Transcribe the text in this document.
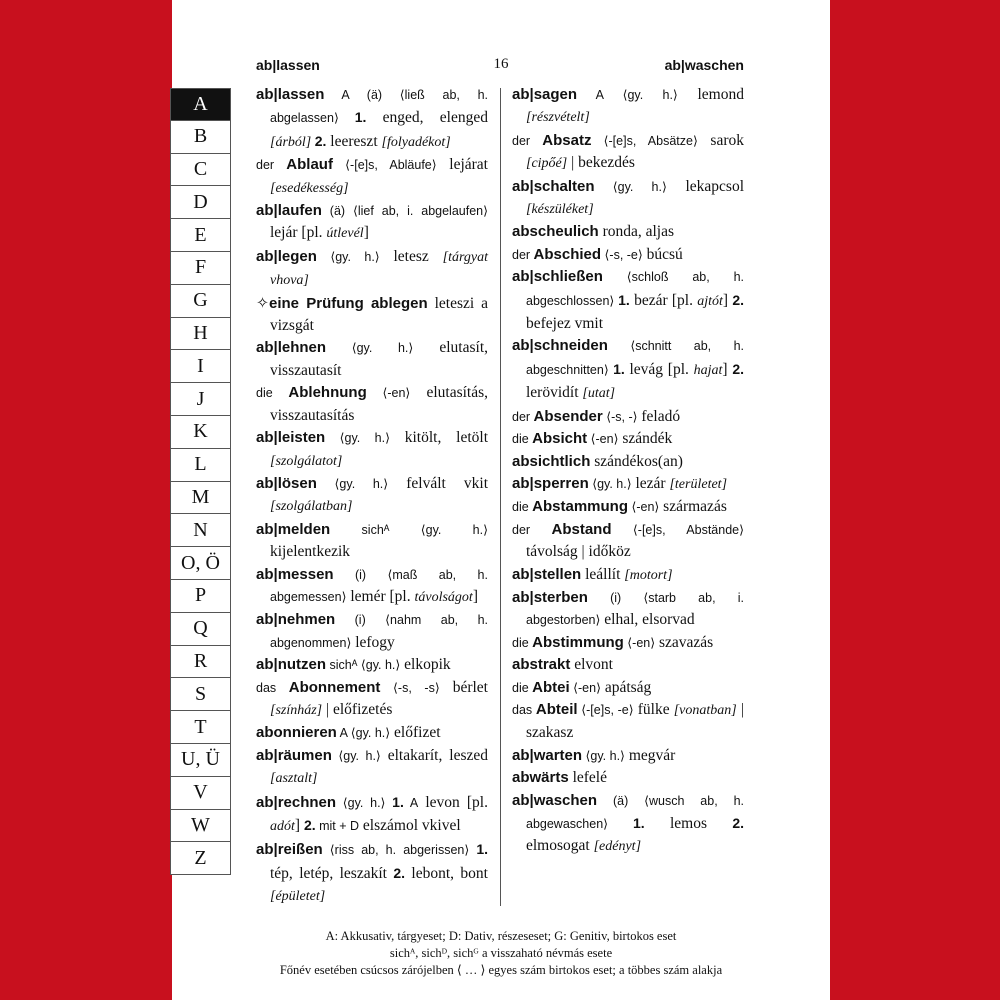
ab|lassen	16	ab|waschen
A
B
C
D
E
F
G
H
I
J
K
L
M
N
O, Ö
P
Q
R
S
T
U, Ü
V
W
Z

ab|lassen A (ä) ⟨ließ ab, h. abgelassen⟩ 1. enged, elenged [árból] 2. leereszt [folyadékot]

der Ablauf ⟨-[e]s, Abläufe⟩ lejárat [esedékesség]

ab|laufen (ä) ⟨lief ab, i. abgelaufen⟩ lejár [pl. útlevél]

ab|legen ⟨gy. h.⟩ letesz [tárgyat vhova]

✧eine Prüfung ablegen leteszi a vizsgát

ab|lehnen ⟨gy. h.⟩ elutasít, visszautasít

die Ablehnung ⟨-en⟩ elutasítás, visszautasítás

ab|leisten ⟨gy. h.⟩ kitölt, letölt [szolgálatot]

ab|lösen ⟨gy. h.⟩ felvált vkit [szolgálatban]

ab|melden sichᴬ ⟨gy. h.⟩ kijelentkezik

ab|messen (i) ⟨maß ab, h. abgemessen⟩ lemér [pl. távolságot]

ab|nehmen (i) ⟨nahm ab, h. abgenommen⟩ lefogy

ab|nutzen sichᴬ ⟨gy. h.⟩ elkopik

das Abonnement ⟨-s, -s⟩ bérlet [színház] | előfizetés

abonnieren A ⟨gy. h.⟩ előfizet

ab|räumen ⟨gy. h.⟩ eltakarít, leszed [asztalt]

ab|rechnen ⟨gy. h.⟩ 1. A levon [pl. adót] 2. mit + D elszámol vkivel

ab|reißen ⟨riss ab, h. abgerissen⟩ 1. tép, letép, leszakít 2. lebont, bont [épületet]

ab|sagen A ⟨gy. h.⟩ lemond [részvételt]

der Absatz ⟨-[e]s, Absätze⟩ sarok [cipőé] | bekezdés

ab|schalten ⟨gy. h.⟩ lekapcsol [készüléket]

abscheulich ronda, aljas

der Abschied ⟨-s, -e⟩ búcsú

ab|schließen ⟨schloß ab, h. abgeschlossen⟩ 1. bezár [pl. ajtót] 2. befejez vmit

ab|schneiden ⟨schnitt ab, h. abgeschnitten⟩ 1. levág [pl. hajat] 2. lerövidít [utat]

der Absender ⟨-s, -⟩ feladó

die Absicht ⟨-en⟩ szándék

absichtlich szándékos(an)

ab|sperren ⟨gy. h.⟩ lezár [területet]

die Abstammung ⟨-en⟩ származás

der Abstand ⟨-[e]s, Abstände⟩ távolság | időköz

ab|stellen leállít [motort]

ab|sterben (i) ⟨starb ab, i. abgestorben⟩ elhal, elsorvad

die Abstimmung ⟨-en⟩ szavazás

abstrakt elvont

die Abtei ⟨-en⟩ apátság

das Abteil ⟨-[e]s, -e⟩ fülke [vonatban] | szakasz

ab|warten ⟨gy. h.⟩ megvár

abwärts lefelé

ab|waschen (ä) ⟨wusch ab, h. abgewaschen⟩ 1. lemos 2. elmosogat [edényt]

A: Akkusativ, tárgyeset; D: Dativ, részeseset; G: Genitiv, birtokos eset
sichᴬ, sichᴰ, sichᴳ a visszaható névmás esete
Főnév esetében csúcsos zárójelben ⟨ … ⟩ egyes szám birtokos eset; a többes szám alakja
